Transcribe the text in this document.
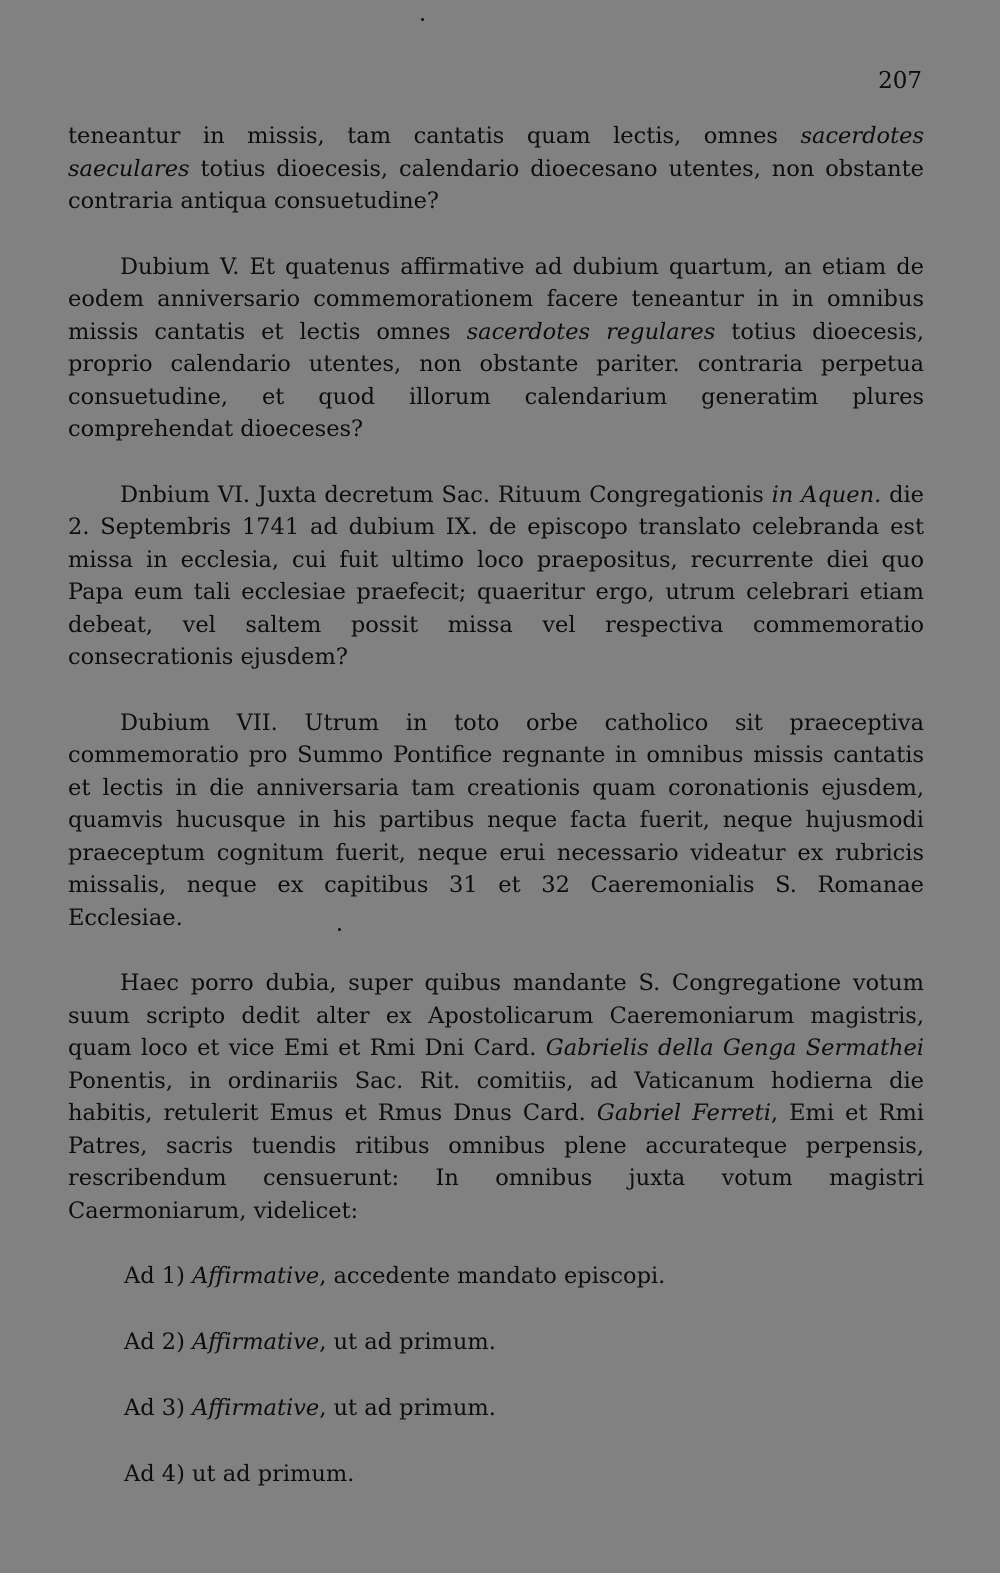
207

teneantur in missis, tam cantatis quam lectis, omnes sacerdotes saeculares totius dioecesis, calendario dioecesano utentes, non obstante contraria antiqua consuetudine?

Dubium V. Et quatenus affirmative ad dubium quartum, an etiam de eodem anniversario commemorationem facere teneantur in in omnibus missis cantatis et lectis omnes sacerdotes regulares totius dioecesis, proprio calendario utentes, non obstante pariter. contraria perpetua consuetudine, et quod illorum calendarium generatim plures comprehendat dioeceses?

Dnbium VI. Juxta decretum Sac. Rituum Congregationis in Aquen. die 2. Septembris 1741 ad dubium IX. de episcopo translato celebranda est missa in ecclesia, cui fuit ultimo loco praepositus, recurrente diei quo Papa eum tali ecclesiae praefecit; quaeritur ergo, utrum celebrari etiam debeat, vel saltem possit missa vel respectiva commemoratio consecrationis ejusdem?

Dubium VII. Utrum in toto orbe catholico sit praeceptiva commemoratio pro Summo Pontifice regnante in omnibus missis cantatis et lectis in die anniversaria tam creationis quam coronationis ejusdem, quamvis hucusque in his partibus neque facta fuerit, neque hujusmodi praeceptum cognitum fuerit, neque erui necessario videatur ex rubricis missalis, neque ex capitibus 31 et 32 Caeremonialis S. Romanae Ecclesiae.

Haec porro dubia, super quibus mandante S. Congregatione votum suum scripto dedit alter ex Apostolicarum Caeremoniarum magistris, quam loco et vice Emi et Rmi Dni Card. Gabrielis della Genga Sermathei Ponentis, in ordinariis Sac. Rit. comitiis, ad Vaticanum hodierna die habitis, retulerit Emus et Rmus Dnus Card. Gabriel Ferreti, Emi et Rmi Patres, sacris tuendis ritibus omnibus plene accurateque perpensis, rescribendum censuerunt: In omnibus juxta votum magistri Caermoniarum, videlicet:

Ad 1) Affirmative, accedente mandato episcopi.

Ad 2) Affirmative, ut ad primum.

Ad 3) Affirmative, ut ad primum.

Ad 4) ut ad primum.
